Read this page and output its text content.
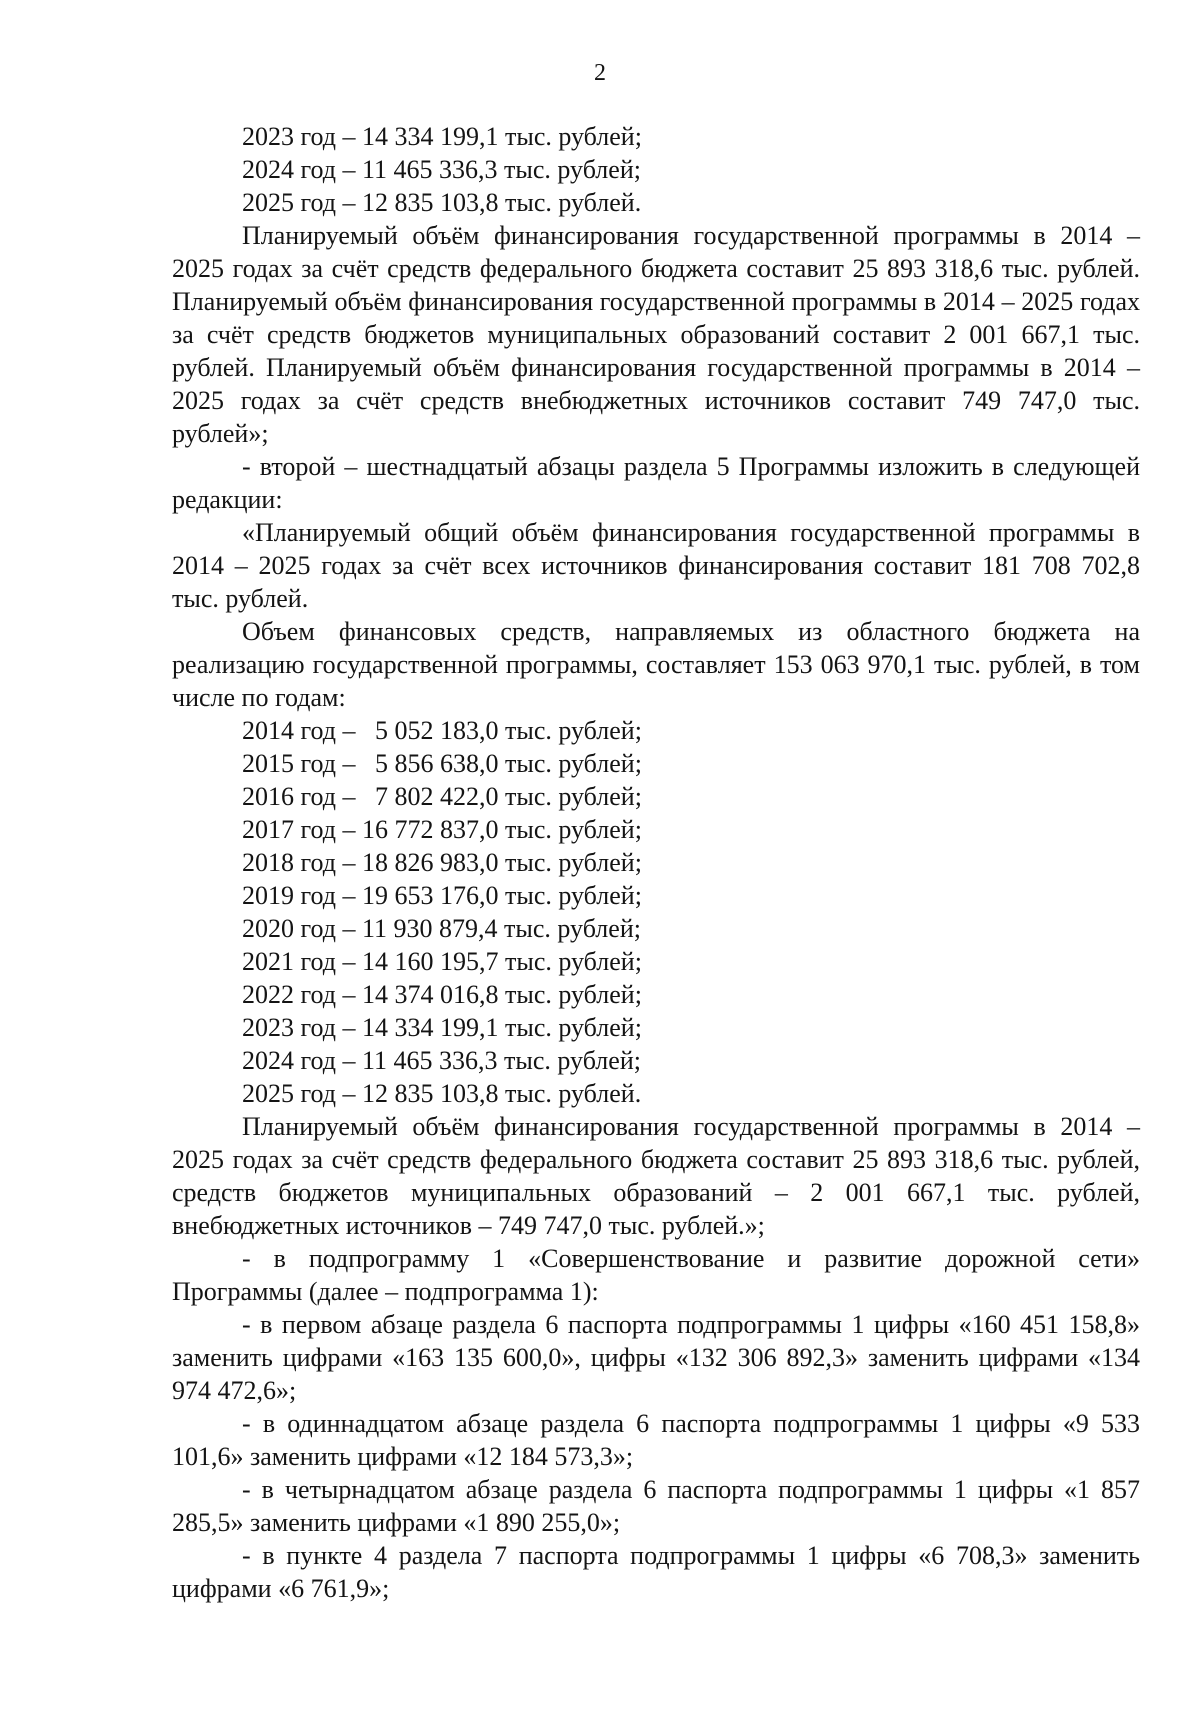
2
2023 год – 14 334 199,1 тыс. рублей;
2024 год – 11 465 336,3 тыс. рублей;
2025 год – 12 835 103,8 тыс. рублей.

Планируемый объём финансирования государственной программы в 2014 – 2025 годах за счёт средств федерального бюджета составит 25 893 318,6 тыс. рублей. Планируемый объём финансирования государственной программы в 2014 – 2025 годах за счёт средств бюджетов муниципальных образований составит 2 001 667,1 тыс. рублей. Планируемый объём финансирования государственной программы в 2014 – 2025 годах за счёт средств внебюджетных источников составит 749 747,0 тыс. рублей»;

- второй – шестнадцатый абзацы раздела 5 Программы изложить в следующей редакции:

«Планируемый общий объём финансирования государственной программы в 2014 – 2025 годах за счёт всех источников финансирования составит 181 708 702,8 тыс. рублей.

Объем финансовых средств, направляемых из областного бюджета на реализацию государственной программы, составляет 153 063 970,1 тыс. рублей, в том числе по годам:

2014 год –   5 052 183,0 тыс. рублей;
2015 год –   5 856 638,0 тыс. рублей;
2016 год –   7 802 422,0 тыс. рублей;
2017 год – 16 772 837,0 тыс. рублей;
2018 год – 18 826 983,0 тыс. рублей;
2019 год – 19 653 176,0 тыс. рублей;
2020 год – 11 930 879,4 тыс. рублей;
2021 год – 14 160 195,7 тыс. рублей;
2022 год – 14 374 016,8 тыс. рублей;
2023 год – 14 334 199,1 тыс. рублей;
2024 год – 11 465 336,3 тыс. рублей;
2025 год – 12 835 103,8 тыс. рублей.

Планируемый объём финансирования государственной программы в 2014 – 2025 годах за счёт средств федерального бюджета составит 25 893 318,6 тыс. рублей, средств бюджетов муниципальных образований – 2 001 667,1 тыс. рублей, внебюджетных источников – 749 747,0 тыс. рублей.»;

- в подпрограмму 1 «Совершенствование и развитие дорожной сети» Программы (далее – подпрограмма 1):

- в первом абзаце раздела 6 паспорта подпрограммы 1 цифры «160 451 158,8» заменить цифрами «163 135 600,0», цифры «132 306 892,3» заменить цифрами «134 974 472,6»;

- в одиннадцатом абзаце раздела 6 паспорта подпрограммы 1 цифры «9 533 101,6» заменить цифрами «12 184 573,3»;

- в четырнадцатом абзаце раздела 6 паспорта подпрограммы 1 цифры «1 857 285,5» заменить цифрами «1 890 255,0»;

- в пункте 4 раздела 7 паспорта подпрограммы 1 цифры «6 708,3» заменить цифрами «6 761,9»;
